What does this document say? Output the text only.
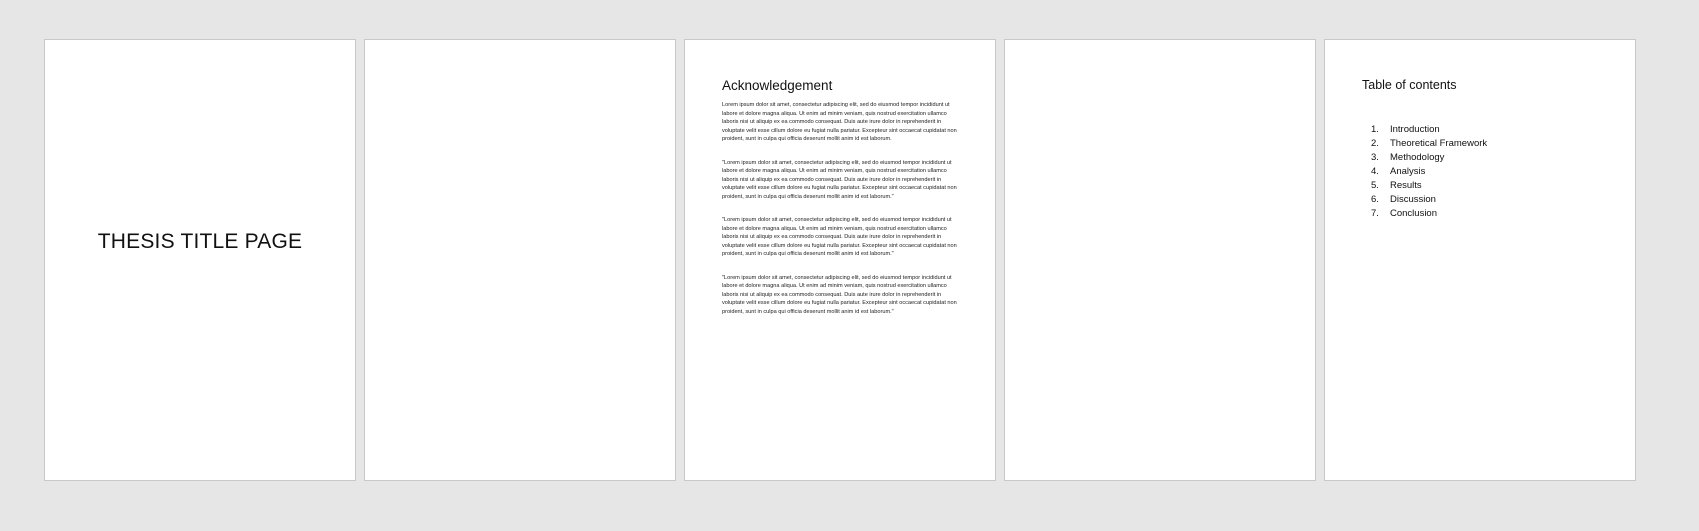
THESIS TITLE PAGE
Acknowledgement

Lorem ipsum dolor sit amet, consectetur adipiscing elit, sed do eiusmod tempor incididunt ut labore et dolore magna aliqua. Ut enim ad minim veniam, quis nostrud exercitation ullamco laboris nisi ut aliquip ex ea commodo consequat. Duis aute irure dolor in reprehenderit in voluptate velit esse cillum dolore eu fugiat nulla pariatur. Excepteur sint occaecat cupidatat non proident, sunt in culpa qui officia deserunt mollit anim id est laborum.

"Lorem ipsum dolor sit amet, consectetur adipiscing elit, sed do eiusmod tempor incididunt ut labore et dolore magna aliqua. Ut enim ad minim veniam, quis nostrud exercitation ullamco laboris nisi ut aliquip ex ea commodo consequat. Duis aute irure dolor in reprehenderit in voluptate velit esse cillum dolore eu fugiat nulla pariatur. Excepteur sint occaecat cupidatat non proident, sunt in culpa qui officia deserunt mollit anim id est laborum."

"Lorem ipsum dolor sit amet, consectetur adipiscing elit, sed do eiusmod tempor incididunt ut labore et dolore magna aliqua. Ut enim ad minim veniam, quis nostrud exercitation ullamco laboris nisi ut aliquip ex ea commodo consequat. Duis aute irure dolor in reprehenderit in voluptate velit esse cillum dolore eu fugiat nulla pariatur. Excepteur sint occaecat cupidatat non proident, sunt in culpa qui officia deserunt mollit anim id est laborum."

"Lorem ipsum dolor sit amet, consectetur adipiscing elit, sed do eiusmod tempor incididunt ut labore et dolore magna aliqua. Ut enim ad minim veniam, quis nostrud exercitation ullamco laboris nisi ut aliquip ex ea commodo consequat. Duis aute irure dolor in reprehenderit in voluptate velit esse cillum dolore eu fugiat nulla pariatur. Excepteur sint occaecat cupidatat non proident, sunt in culpa qui officia deserunt mollit anim id est laborum."

Table of contents
1. Introduction
2. Theoretical Framework
3. Methodology
4. Analysis
5. Results
6. Discussion
7. Conclusion
